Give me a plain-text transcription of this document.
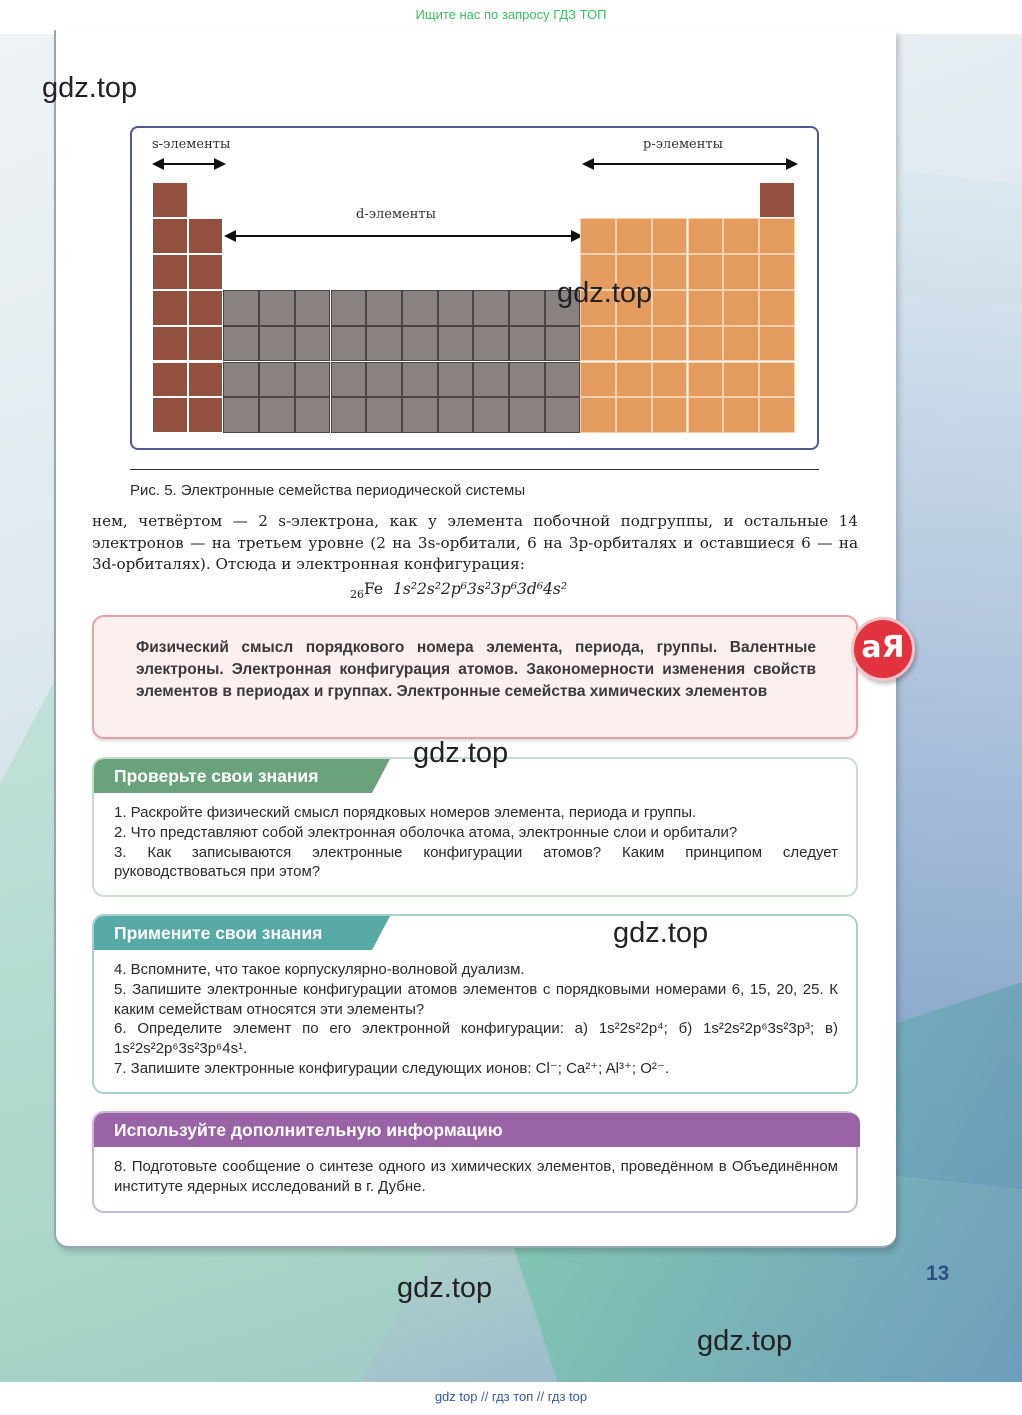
Ищите нас по запросу ГДЗ ТОП
s-элементы	p-элементы
d-элементы
Рис. 5. Электронные семейства периодической системы
нем, четвёртом — 2 s-электрона, как у элемента побочной подгруппы, и остальные 14 электронов — на третьем уровне (2 на 3s-орбитали, 6 на 3p-орбиталях и оставшиеся 6 — на 3d-орбиталях). Отсюда и электронная конфигурация:
$_{26}$Fe 1s²2s²2p⁶3s²3p⁶3d⁶4s²
Физический смысл порядкового номера элемента, периода, группы. Валентные электроны. Электронная конфигурация атомов. Закономерности изменения свойств элементов в периодах и группах. Электронные семейства химических элементов
аЯ
Проверьте свои знания

1. Раскройте физический смысл порядковых номеров элемента, периода и группы.

2. Что представляют собой электронная оболочка атома, электронные слои и орбитали?

3. Как записываются электронные конфигурации атомов? Каким принципом следует руководствоваться при этом?

Примените свои знания

4. Вспомните, что такое корпускулярно-волновой дуализм.

5. Запишите электронные конфигурации атомов элементов с порядковыми номерами 6, 15, 20, 25. К каким семействам относятся эти элементы?

6. Определите элемент по его электронной конфигурации: а) 1s²2s²2p⁴; б) 1s²2s²2p⁶3s²3p³; в) 1s²2s²2p⁶3s²3p⁶4s¹.

7. Запишите электронные конфигурации следующих ионов: Cl⁻; Ca²⁺; Al³⁺; O²⁻.

Используйте дополнительную информацию

8. Подготовьте сообщение о синтезе одного из химических элементов, проведённом в Объединённом институте ядерных исследований в г. Дубне.

13
gdz.top
gdz.top
gdz.top
gdz.top
gdz.top
gdz.top
gdz top // гдз топ // гдз top
